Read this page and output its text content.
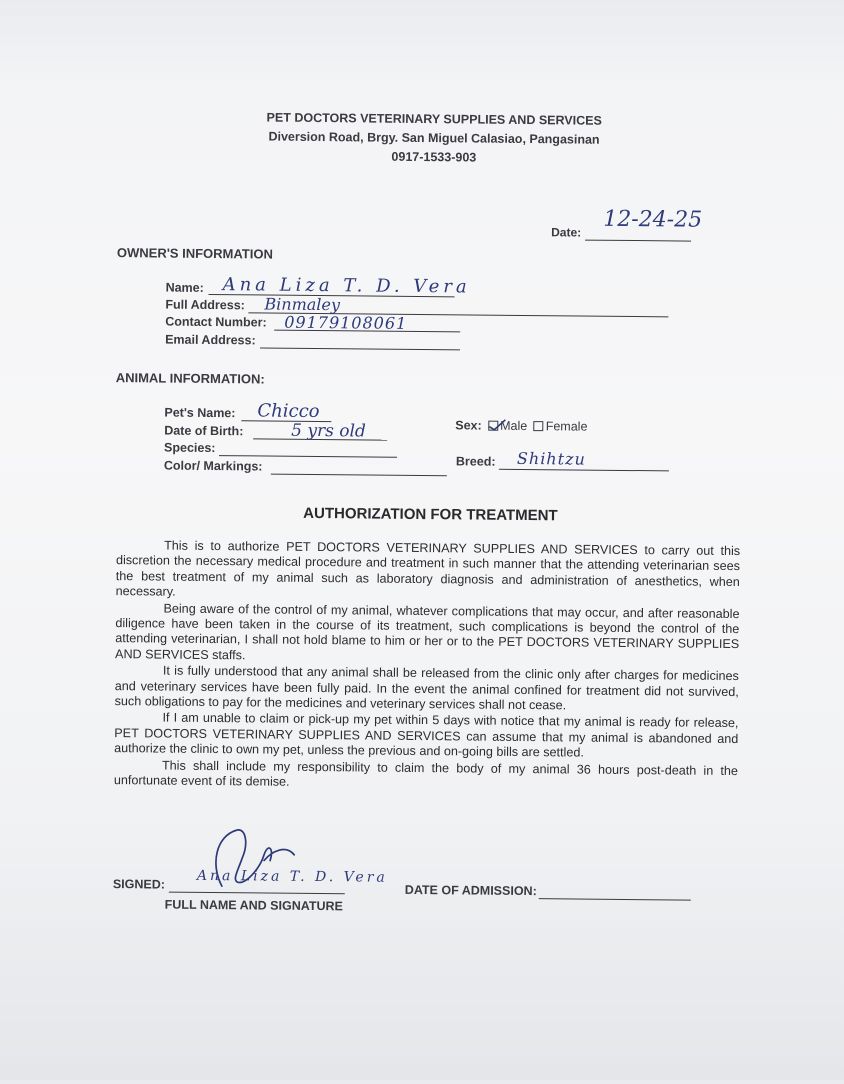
PET DOCTORS VETERINARY SUPPLIES AND SERVICES
Diversion Road, Brgy. San Miguel Calasiao, Pangasinan
0917-1533-903
Date: 12-24-25
OWNER'S INFORMATION
Name: Ana Liza T. D. Vera
Full Address: Binmaley
Contact Number: 09179108061
Email Address:
ANIMAL INFORMATION:
Pet's Name: Chicco
Date of Birth:	5 yrs old
Species:
Color/ Markings:
Sex: Male Female
Breed: Shihtzu
AUTHORIZATION FOR TREATMENT

This is to authorize PET DOCTORS VETERINARY SUPPLIES AND SERVICES to carry out this discretion the necessary medical procedure and treatment in such manner that the attending veterinarian sees the best treatment of my animal such as laboratory diagnosis and administration of anesthetics, when necessary.

Being aware of the control of my animal, whatever complications that may occur, and after reasonable diligence have been taken in the course of its treatment, such complications is beyond the control of the attending veterinarian, I shall not hold blame to him or her or to the PET DOCTORS VETERINARY SUPPLIES AND SERVICES staffs.

It is fully understood that any animal shall be released from the clinic only after charges for medicines and veterinary services have been fully paid. In the event the animal confined for treatment did not survived, such obligations to pay for the medicines and veterinary services shall not cease.

If I am unable to claim or pick-up my pet within 5 days with notice that my animal is ready for release, PET DOCTORS VETERINARY SUPPLIES AND SERVICES can assume that my animal is abandoned and authorize the clinic to own my pet, unless the previous and on-going bills are settled.

This shall include my responsibility to claim the body of my animal 36 hours post-death in the unfortunate event of its demise.

SIGNED: Ana Liza T. D. Vera
FULL NAME AND SIGNATURE
DATE OF ADMISSION:
